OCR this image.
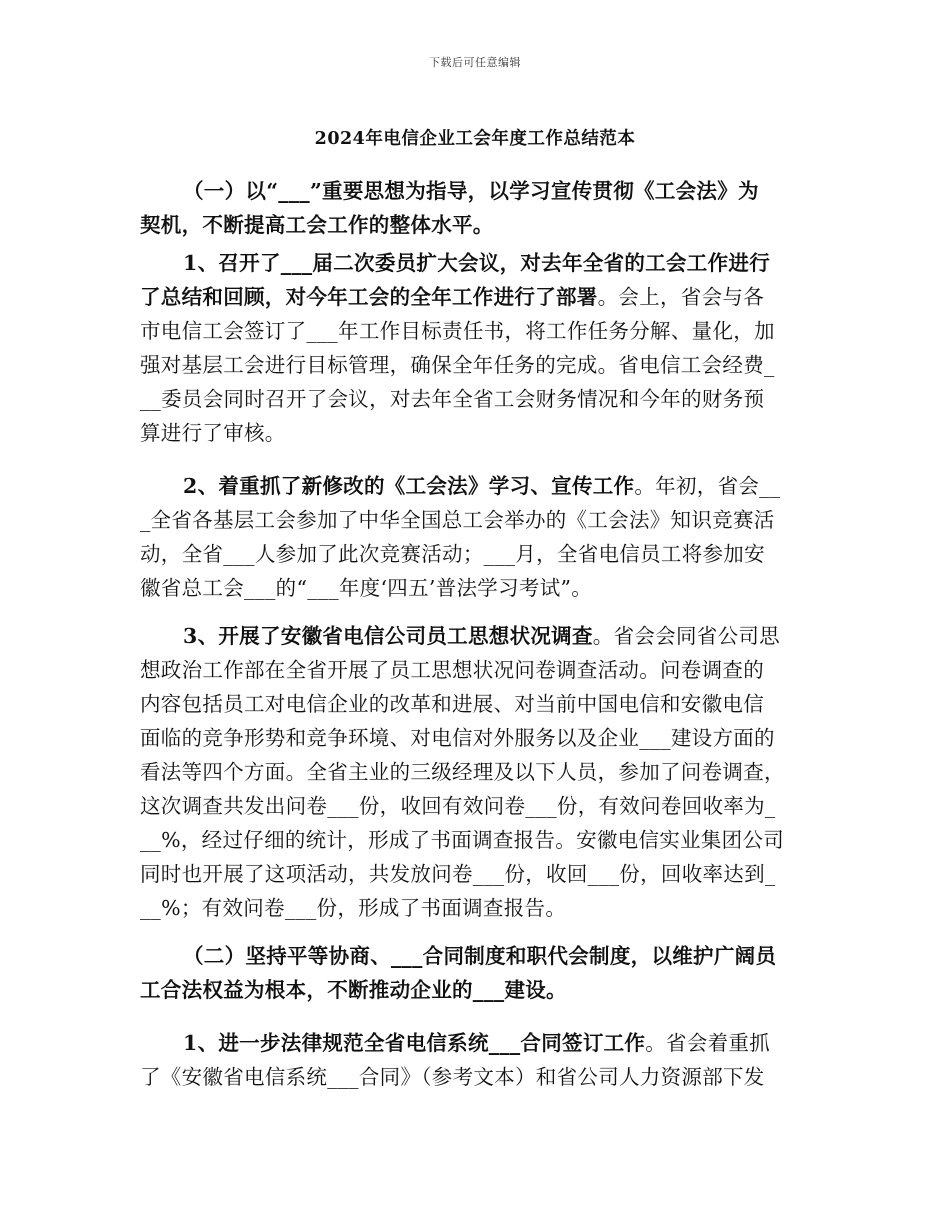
下载后可任意编辑
2024年电信企业工会年度工作总结范本
（一）以“___”重要思想为指导，以学习宣传贯彻《工会法》为
契机，不断提高工会工作的整体水平。
1、召开了___届二次委员扩大会议，对去年全省的工会工作进行
了总结和回顾，对今年工会的全年工作进行了部署。会上，省会与各
市电信工会签订了___年工作目标责任书，将工作任务分解、量化，加
强对基层工会进行目标管理，确保全年任务的完成。省电信工会经费_
__委员会同时召开了会议，对去年全省工会财务情况和今年的财务预
算进行了审核。
2、着重抓了新修改的《工会法》学习、宣传工作。年初，省会__
_全省各基层工会参加了中华全国总工会举办的《工会法》知识竞赛活
动，全省___人参加了此次竞赛活动；___月，全省电信员工将参加安
徽省总工会___的“___年度‘四五’普法学习考试”。
3、开展了安徽省电信公司员工思想状况调查。省会会同省公司思
想政治工作部在全省开展了员工思想状况问卷调查活动。问卷调查的
内容包括员工对电信企业的改革和进展、对当前中国电信和安徽电信
面临的竞争形势和竞争环境、对电信对外服务以及企业___建设方面的
看法等四个方面。全省主业的三级经理及以下人员，参加了问卷调查，
这次调查共发出问卷___份，收回有效问卷___份，有效问卷回收率为_
__%，经过仔细的统计，形成了书面调查报告。安徽电信实业集团公司
同时也开展了这项活动，共发放问卷___份，收回___份，回收率达到_
__%；有效问卷___份，形成了书面调查报告。
（二）坚持平等协商、___合同制度和职代会制度，以维护广阔员
工合法权益为根本，不断推动企业的___建设。
1、进一步法律规范全省电信系统___合同签订工作。省会着重抓
了《安徽省电信系统___合同》（参考文本）和省公司人力资源部下发
